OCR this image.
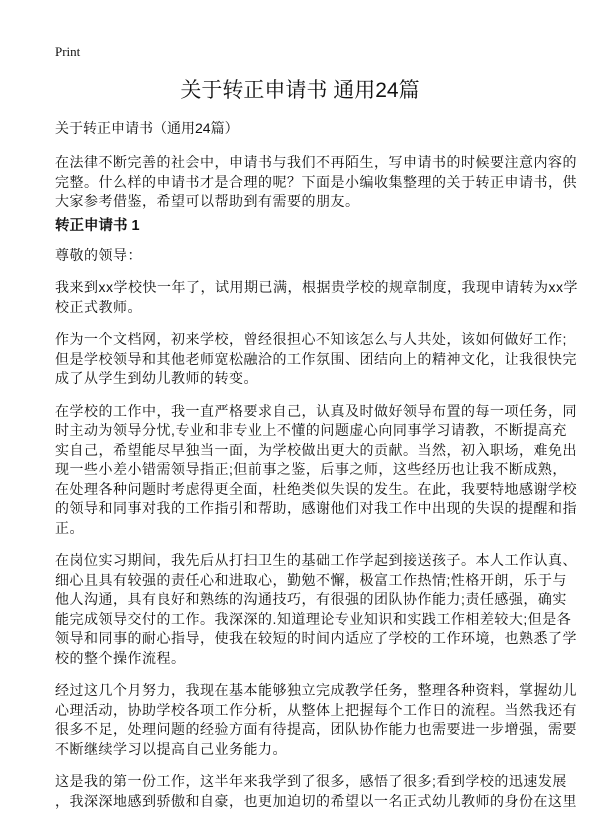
Print
关于转正申请书 通用24篇
关于转正申请书（通用24篇）
在法律不断完善的社会中，申请书与我们不再陌生，写申请书的时候要注意内容的
完整。什么样的申请书才是合理的呢？下面是小编收集整理的关于转正申请书，供
大家参考借鉴，希望可以帮助到有需要的朋友。
转正申请书 1
尊敬的领导：
我来到xx学校快一年了，试用期已满，根据贵学校的规章制度，我现申请转为xx学
校正式教师。
作为一个文档网，初来学校，曾经很担心不知该怎么与人共处，该如何做好工作;
但是学校领导和其他老师宽松融洽的工作氛围、团结向上的精神文化，让我很快完
成了从学生到幼儿教师的转变。
在学校的工作中，我一直严格要求自己，认真及时做好领导布置的每一项任务，同
时主动为领导分忧,专业和非专业上不懂的问题虚心向同事学习请教，不断提高充
实自己，希望能尽早独当一面，为学校做出更大的贡献。当然，初入职场，难免出
现一些小差小错需领导指正;但前事之鉴，后事之师，这些经历也让我不断成熟，
在处理各种问题时考虑得更全面，杜绝类似失误的发生。在此，我要特地感谢学校
的领导和同事对我的工作指引和帮助，感谢他们对我工作中出现的失误的提醒和指
正。
在岗位实习期间，我先后从打扫卫生的基础工作学起到接送孩子。本人工作认真、
细心且具有较强的责任心和进取心，勤勉不懈，极富工作热情;性格开朗，乐于与
他人沟通，具有良好和熟练的沟通技巧，有很强的团队协作能力;责任感强，确实
能完成领导交付的工作。我深深的.知道理论专业知识和实践工作相差较大;但是各
领导和同事的耐心指导，使我在较短的时间内适应了学校的工作环境，也熟悉了学
校的整个操作流程。
经过这几个月努力，我现在基本能够独立完成教学任务，整理各种资料，掌握幼儿
心理活动，协助学校各项工作分析，从整体上把握每个工作日的流程。当然我还有
很多不足，处理问题的经验方面有待提高，团队协作能力也需要进一步增强，需要
不断继续学习以提高自己业务能力。
这是我的第一份工作，这半年来我学到了很多，感悟了很多;看到学校的迅速发展
，我深深地感到骄傲和自豪，也更加迫切的希望以一名正式幼儿教师的身份在这里
